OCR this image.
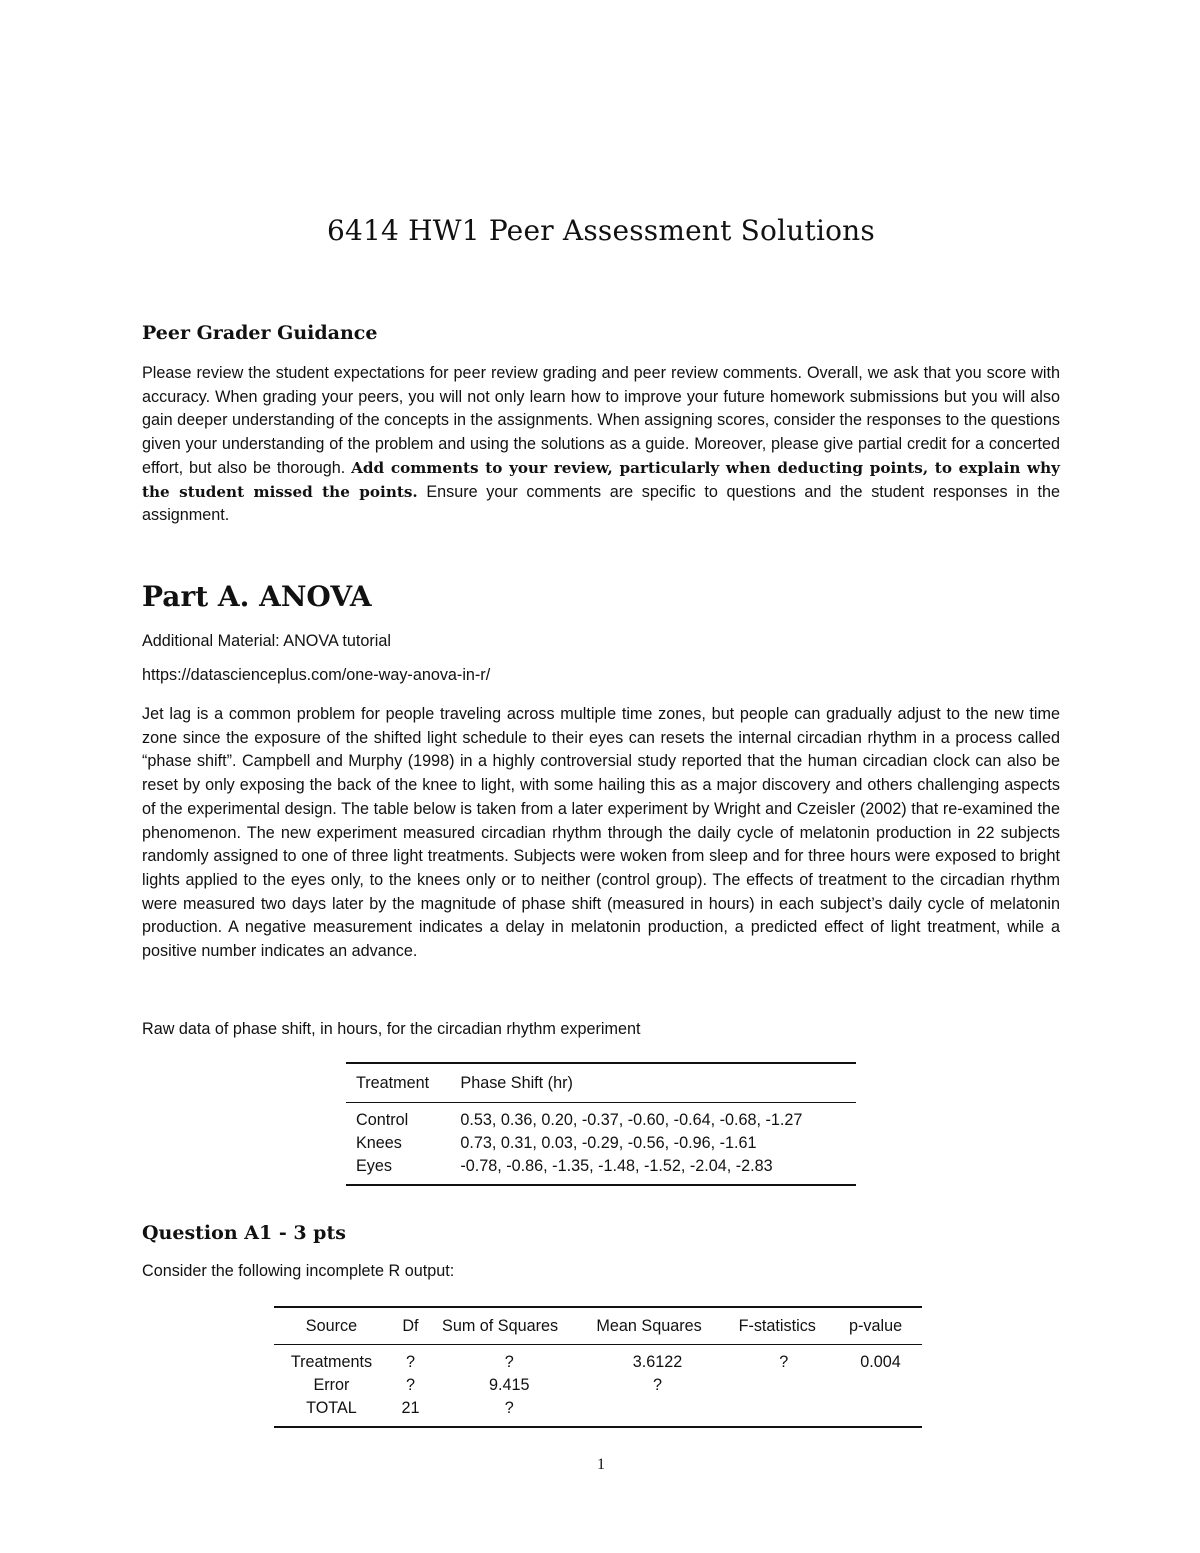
6414 HW1 Peer Assessment Solutions
Peer Grader Guidance

Please review the student expectations for peer review grading and peer review comments. Overall, we ask that you score with accuracy. When grading your peers, you will not only learn how to improve your future homework submissions but you will also gain deeper understanding of the concepts in the assignments. When assigning scores, consider the responses to the questions given your understanding of the problem and using the solutions as a guide. Moreover, please give partial credit for a concerted effort, but also be thorough. Add comments to your review, particularly when deducting points, to explain why the student missed the points. Ensure your comments are specific to questions and the student responses in the assignment.

Part A. ANOVA

Additional Material: ANOVA tutorial

https://datascienceplus.com/one-way-anova-in-r/

Jet lag is a common problem for people traveling across multiple time zones, but people can gradually adjust to the new time zone since the exposure of the shifted light schedule to their eyes can resets the internal circadian rhythm in a process called “phase shift”. Campbell and Murphy (1998) in a highly controversial study reported that the human circadian clock can also be reset by only exposing the back of the knee to light, with some hailing this as a major discovery and others challenging aspects of the experimental design. The table below is taken from a later experiment by Wright and Czeisler (2002) that re-examined the phenomenon. The new experiment measured circadian rhythm through the daily cycle of melatonin production in 22 subjects randomly assigned to one of three light treatments. Subjects were woken from sleep and for three hours were exposed to bright lights applied to the eyes only, to the knees only or to neither (control group). The effects of treatment to the circadian rhythm were measured two days later by the magnitude of phase shift (measured in hours) in each subject’s daily cycle of melatonin production. A negative measurement indicates a delay in melatonin production, a predicted effect of light treatment, while a positive number indicates an advance.

Raw data of phase shift, in hours, for the circadian rhythm experiment

Treatment	Phase Shift (hr)
Control	0.53, 0.36, 0.20, -0.37, -0.60, -0.64, -0.68, -1.27
Knees	0.73, 0.31, 0.03, -0.29, -0.56, -0.96, -1.61
Eyes	-0.78, -0.86, -1.35, -1.48, -1.52, -2.04, -2.83
Question A1 - 3 pts

Consider the following incomplete R output:

Source	Df	Sum of Squares	Mean Squares	F-statistics	p-value
Treatments	?	?	3.6122	?	0.004
Error	?	9.415	?		
TOTAL	21	?			

1
